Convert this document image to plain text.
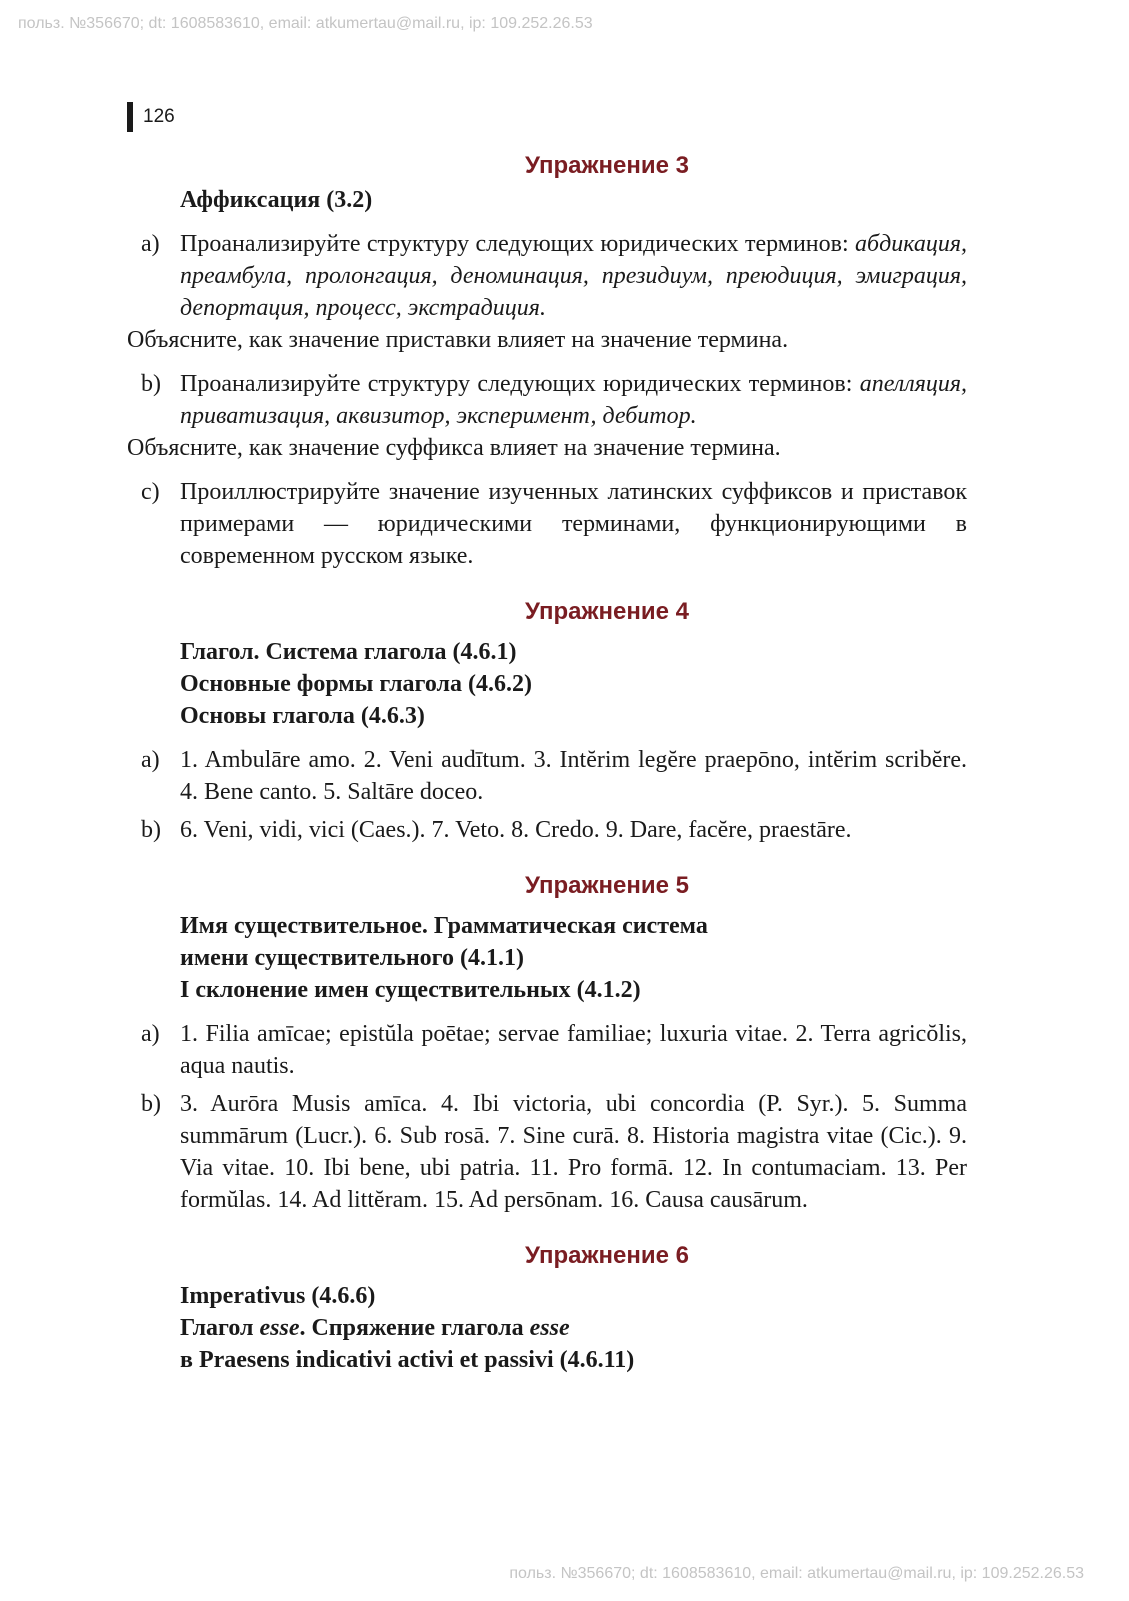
польз. №356670; dt: 1608583610, email: atkumertau@mail.ru, ip: 109.252.26.53
126
Упражнение 3
Аффиксация (3.2)
a) Проанализируйте структуру следующих юридических терминов: абдикация, преамбула, пролонгация, деноминация, президиум, преюдиция, эмиграция, депортация, процесс, экстрадиция.
Объясните, как значение приставки влияет на значение термина.
b) Проанализируйте структуру следующих юридических терминов: апелляция, приватизация, аквизитор, эксперимент, дебитор.
Объясните, как значение суффикса влияет на значение термина.
c) Проиллюстрируйте значение изученных латинских суффиксов и приставок примерами — юридическими терминами, функционирующими в современном русском языке.
Упражнение 4
Глагол. Система глагола (4.6.1)
Основные формы глагола (4.6.2)
Основы глагола (4.6.3)
a) 1. Ambulāre amo. 2. Veni audītum. 3. Intĕrim legĕre praepōno, intĕrim scribĕre. 4. Bene canto. 5. Saltāre doceo.
b) 6. Veni, vidi, vici (Caes.). 7. Veto. 8. Credo. 9. Dare, facĕre, praestāre.
Упражнение 5
Имя существительное. Грамматическая система
имени существительного (4.1.1)
I склонение имен существительных (4.1.2)
a) 1. Filia amīcae; epistŭla poētae; servae familiae; luxuria vitae. 2. Terra agricŏlis, aqua nautis.
b) 3. Aurōra Musis amīca. 4. Ibi victoria, ubi concordia (P. Syr.). 5. Summa summārum (Lucr.). 6. Sub rosā. 7. Sine curā. 8. Historia magistra vitae (Cic.). 9. Via vitae. 10. Ibi bene, ubi patria. 11. Pro formā. 12. In contumaciam. 13. Per formŭlas. 14. Ad littĕram. 15. Ad persōnam. 16. Causa causārum.
Упражнение 6
Imperativus (4.6.6)
Глагол esse. Спряжение глагола esse
в Praesens indicativi activi et passivi (4.6.11)
польз. №356670; dt: 1608583610, email: atkumertau@mail.ru, ip: 109.252.26.53
